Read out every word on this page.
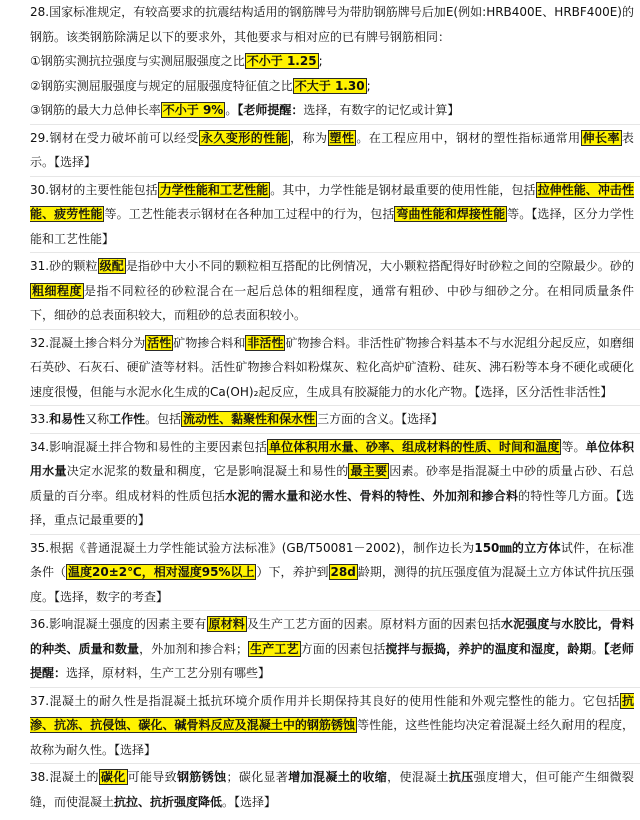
28.国家标准规定，有较高要求的抗震结构适用的钢筋牌号为带肋钢筋牌号后加E(例如:HRB400E、HRBF400E)的钢筋。该类钢筋除满足以下的要求外，其他要求与相对应的已有牌号钢筋相同：

①钢筋实测抗拉强度与实测屈服强度之比 不小于 1.25 ;

②钢筋实测屈服强度与规定的屈服强度特征值之比 不大于 1.30 ;

③钢筋的最大力总伸长率 不小于 9% 。【老师提醒：选择，有数字的记忆或计算】

29.钢材在受力破坏前可以经受 永久变形的性能 ，称为 塑性 。在工程应用中，钢材的塑性指标通常用 伸长率 表示。【选择】

30.钢材的主要性能包括 力学性能和工艺性能 。其中，力学性能是钢材最重要的使用性能，包括 拉伸性能、冲击性能、疲劳性能 等。工艺性能表示钢材在各种加工过程中的行为，包括 弯曲性能和焊接性能 等。【选择，区分力学性能和工艺性能】

31.砂的颗粒 级配 是指砂中大小不同的颗粒相互搭配的比例情况，大小颗粒搭配得好时砂粒之间的空隙最少。砂的粗细程度 是指不同粒径的砂粒混合在一起后总体的粗细程度，通常有粗砂、中砂与细砂之分。在相同质量条件下，细砂的总表面积较大，而粗砂的总表面积较小。

32.混凝土掺合料分为 活性 矿物掺合料和 非活性 矿物掺合料。非活性矿物掺合料基本不与水泥组分起反应，如磨细石英砂、石灰石、硬矿渣等材料。活性矿物掺合料如粉煤灰、粒化高炉矿渣粉、硅灰、沸石粉等本身不硬化或硬化速度很慢，但能与水泥水化生成的Ca(OH)₂起反应，生成具有胶凝能力的水化产物。【选择，区分活性非活性】

33.和易性又称工作性。包括 流动性、黏聚性和保水性 三方面的含义。【选择】

34.影响混凝土拌合物和易性的主要因素包括 单位体积用水量、砂率、组成材料的性质、时间和温度 等。单位体积用水量决定水泥浆的数量和稠度，它是影响混凝土和易性的 最主要 因素。砂率是指混凝土中砂的质量占砂、石总质量的百分率。组成材料的性质包括水泥的需水量和泌水性、骨料的特性、外加剂和掺合料的特性等几方面。【选择，重点记最重要的】

35.根据《普通混凝土力学性能试验方法标准》(GB/T50081－2002)，制作边长为150㎜的立方体试件，在标准条件（ 温度20±2℃，相对湿度95%以上 ）下，养护到 28d 龄期，测得的抗压强度值为混凝土立方体试件抗压强度。【选择，数字的考查】

36.影响混凝土强度的因素主要有 原材料 及生产工艺方面的因素。原材料方面的因素包括水泥强度与水胶比，骨料的种类、质量和数量，外加剂和掺合料； 生产工艺 方面的因素包括搅拌与振捣，养护的温度和湿度，龄期。【老师提醒：选择，原材料，生产工艺分别有哪些】

37.混凝土的耐久性是指混凝土抵抗环境介质作用并长期保持其良好的使用性能和外观完整性的能力。它包括 抗渗、抗冻、抗侵蚀、碳化、碱骨料反应及混凝土中的钢筋锈蚀 等性能，这些性能均决定着混凝土经久耐用的程度，故称为耐久性。【选择】

38.混凝土的 碳化 可能导致钢筋锈蚀；碳化显著增加混凝土的收缩，使混凝土抗压强度增大，但可能产生细微裂缝，而使混凝土抗拉、抗折强度降低。【选择】
